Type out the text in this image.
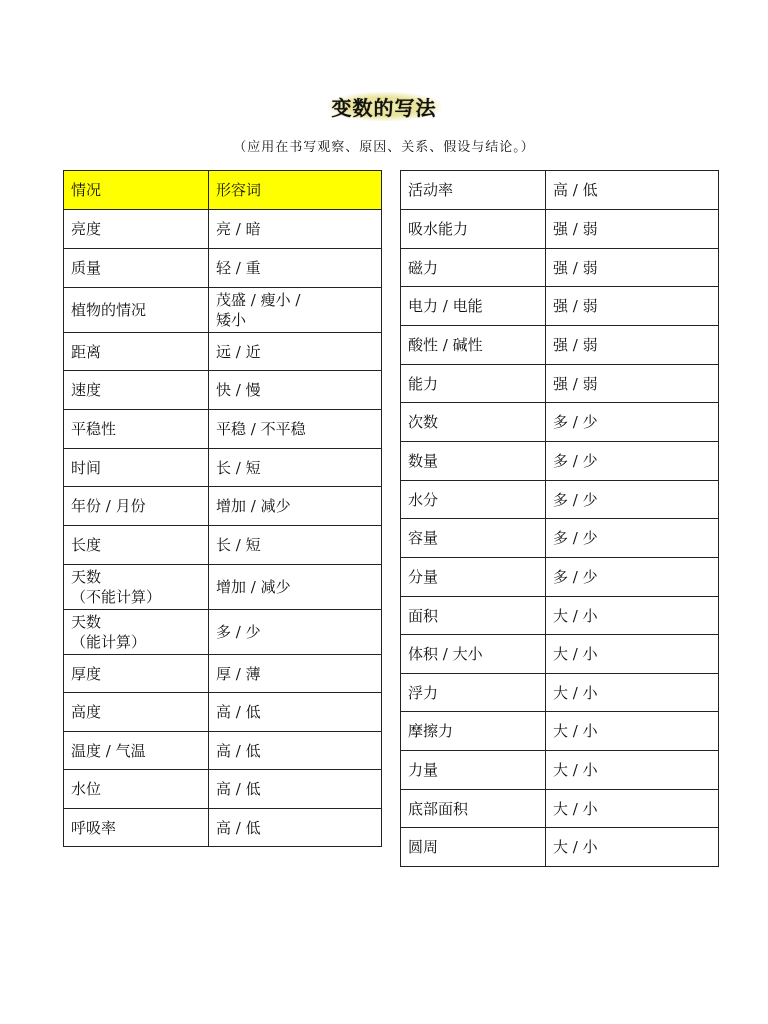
变数的写法
（应用在书写观察、原因、关系、假设与结论。）
情况	形容词
亮度	亮 / 暗
质量	轻 / 重
植物的情况	茂盛 / 瘦小 /
矮小
距离	远 / 近
速度	快 / 慢
平稳性	平稳 / 不平稳
时间	长 / 短
年份 / 月份	增加 / 减少
长度	长 / 短
天数
（不能计算）	增加 / 减少
天数
（能计算）	多 / 少
厚度	厚 / 薄
高度	高 / 低
温度 / 气温	高 / 低
水位	高 / 低
呼吸率	高 / 低
活动率	高 / 低
吸水能力	强 / 弱
磁力	强 / 弱
电力 / 电能	强 / 弱
酸性 / 碱性	强 / 弱
能力	强 / 弱
次数	多 / 少
数量	多 / 少
水分	多 / 少
容量	多 / 少
分量	多 / 少
面积	大 / 小
体积 / 大小	大 / 小
浮力	大 / 小
摩擦力	大 / 小
力量	大 / 小
底部面积	大 / 小
圆周	大 / 小
